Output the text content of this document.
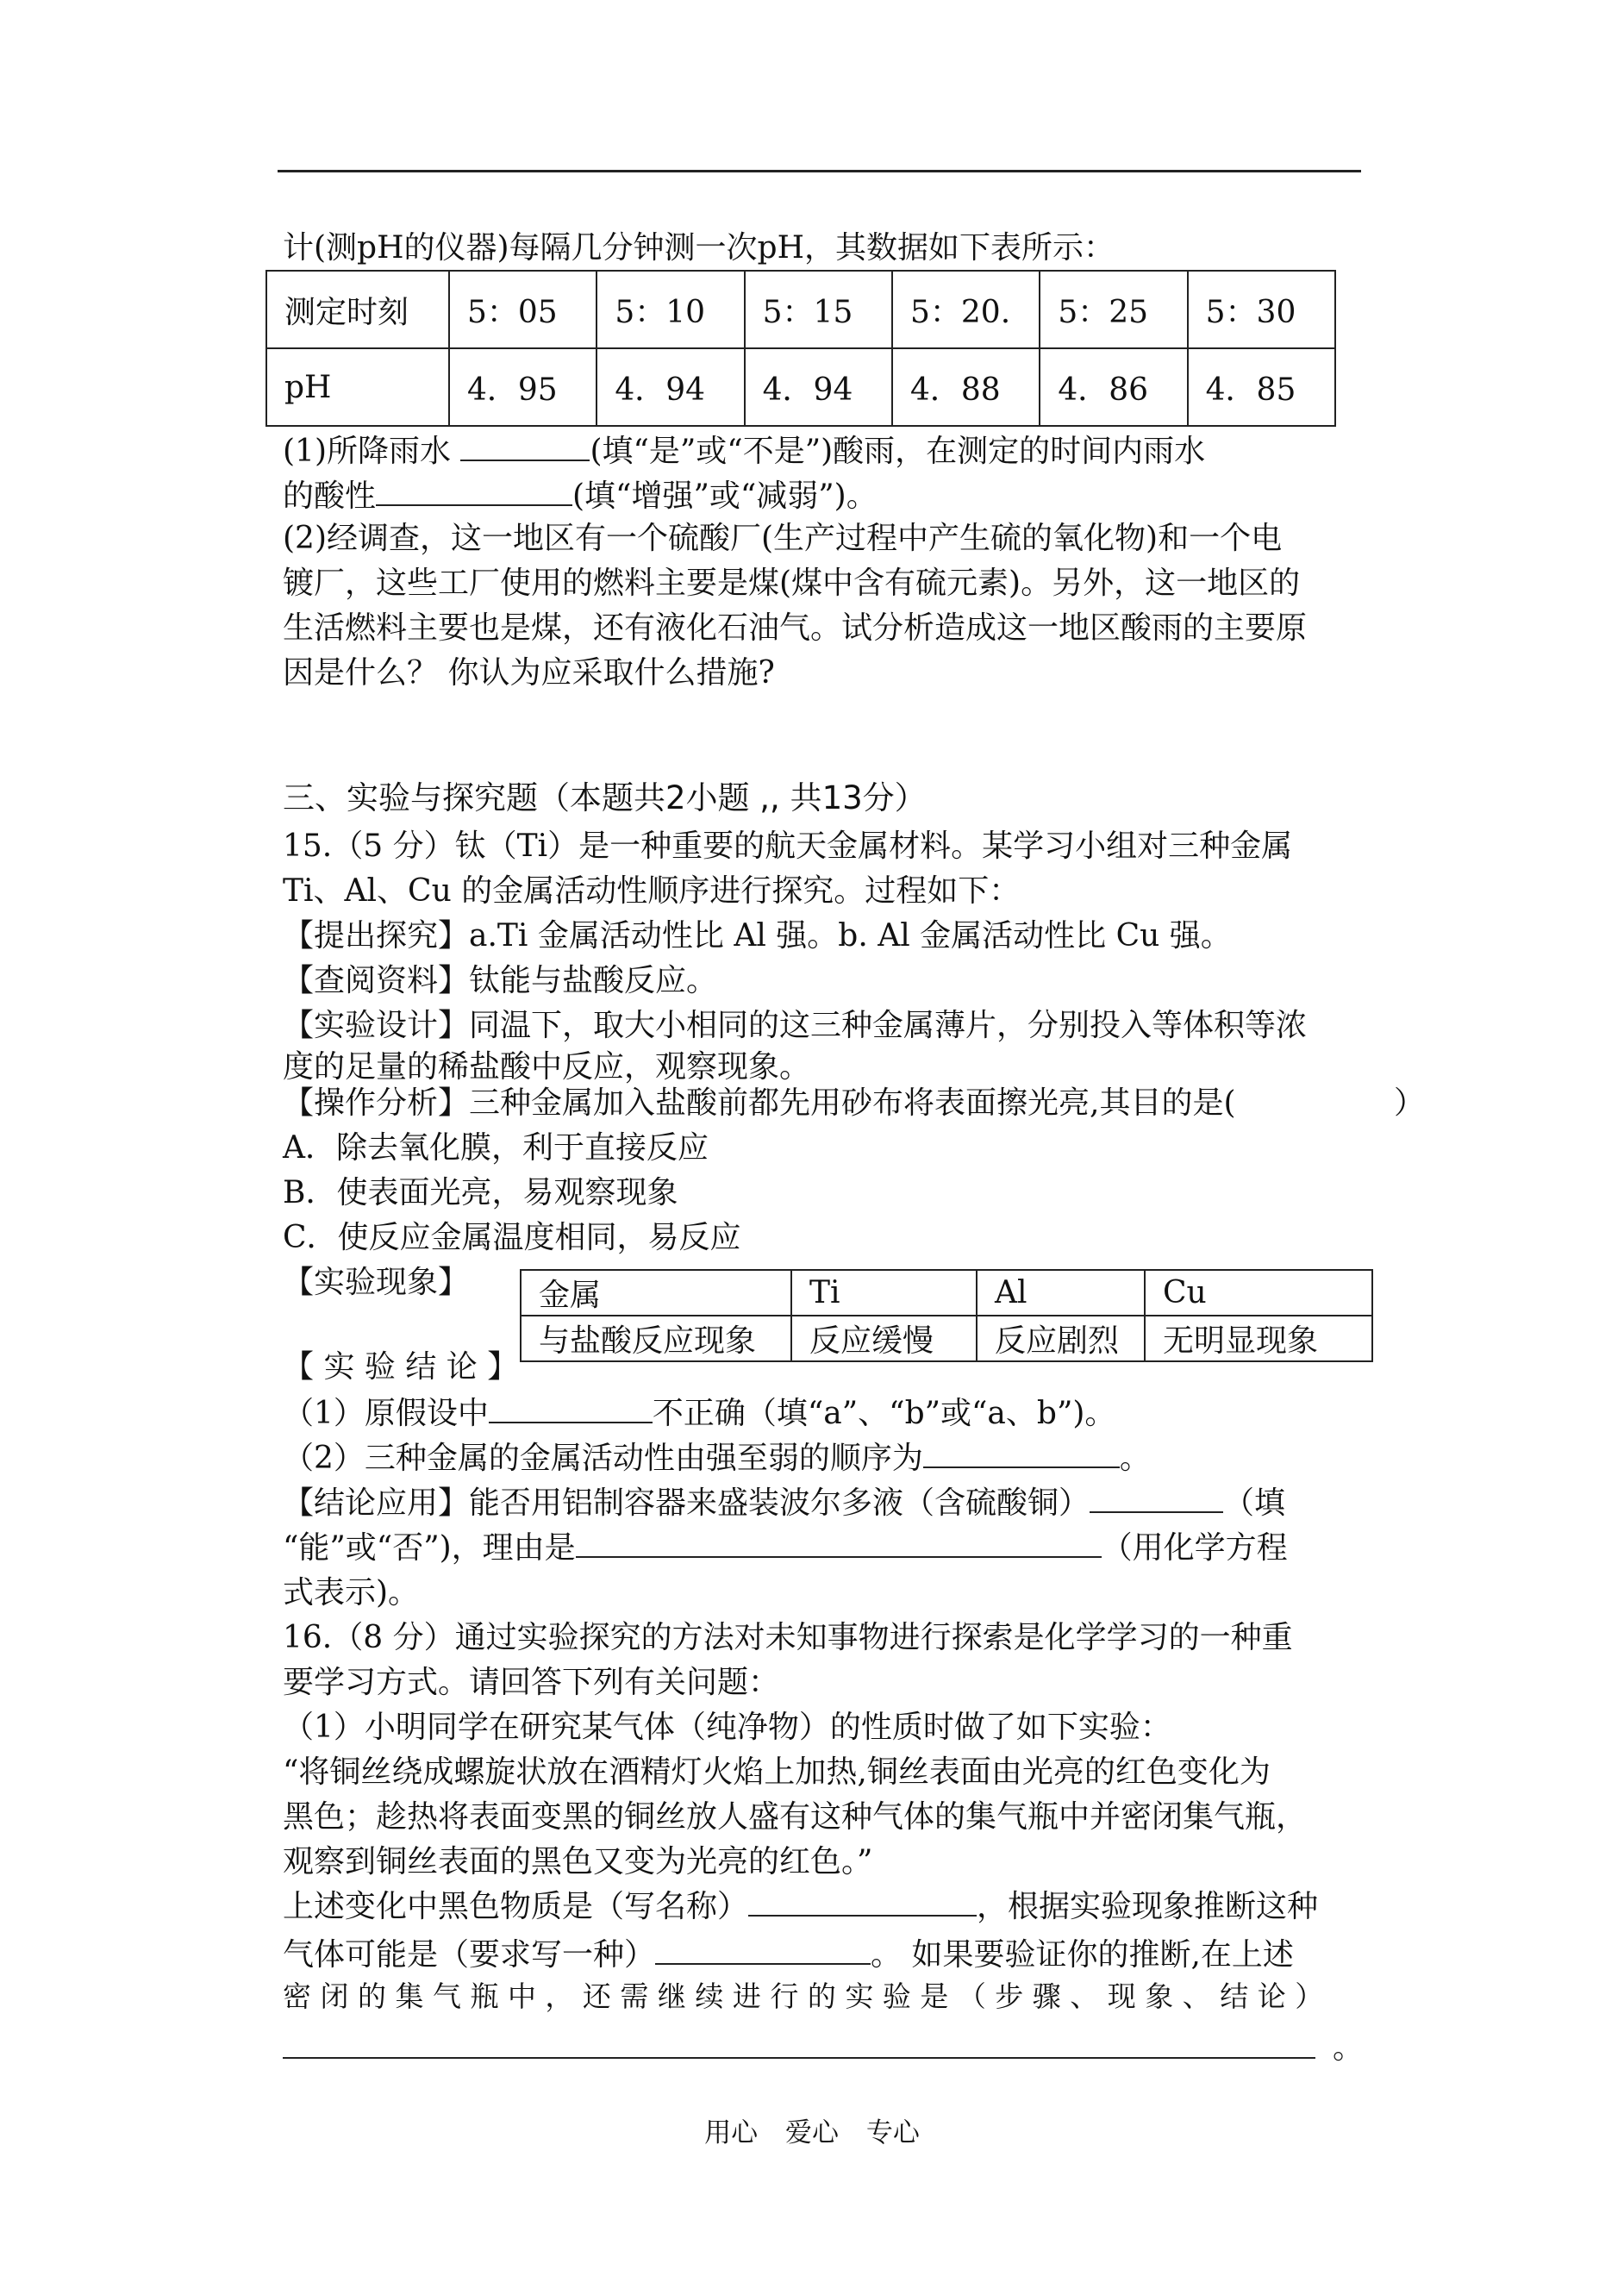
计(测pH的仪器)每隔几分钟测一次pH，其数据如下表所示：
测定时刻	5：05	5：10	5：15	5：20.	5：25	5：30
pH	4．95	4．94	4．94	4．88	4．86	4．85
(1)所降雨水	(填“是”或“不是”)酸雨，在测定的时间内雨水
的酸性	(填“增强”或“减弱”)。
(2)经调查，这一地区有一个硫酸厂(生产过程中产生硫的氧化物)和一个电
镀厂，这些工厂使用的燃料主要是煤(煤中含有硫元素)。另外，这一地区的
生活燃料主要也是煤，还有液化石油气。试分析造成这一地区酸雨的主要原
因是什么？ 你认为应采取什么措施?
三、实验与探究题（本题共2小题 ,, 共13分）
15.（5 分）钛（Ti）是一种重要的航天金属材料。某学习小组对三种金属
Ti、Al、Cu 的金属活动性顺序进行探究。过程如下：
【提出探究】a.Ti 金属活动性比 Al 强。b. Al 金属活动性比 Cu 强。
【查阅资料】钛能与盐酸反应。
【实验设计】同温下，取大小相同的这三种金属薄片，分别投入等体积等浓
度的足量的稀盐酸中反应，观察现象。
【操作分析】三种金属加入盐酸前都先用砂布将表面擦光亮,其目的是(	）
A．除去氧化膜，利于直接反应
B．使表面光亮，易观察现象
C．使反应金属温度相同，易反应
【实验现象】 金属	Ti	Al	Cu
与盐酸反应现象	反应缓慢	反应剧烈	无明显现象
【 实 验 结 论 】
（1）原假设中	不正确（填“a”、“b”或“a、b”)。
（2）三种金属的金属活动性由强至弱的顺序为	。
【结论应用】能否用铝制容器来盛装波尔多液（含硫酸铜）	（填
“能”或“否”)，理由是	（用化学方程
式表示)。
16.（8 分）通过实验探究的方法对未知事物进行探索是化学学习的一种重
要学习方式。请回答下列有关问题：
（1）小明同学在研究某气体（纯净物）的性质时做了如下实验：
“将铜丝绕成螺旋状放在酒精灯火焰上加热,铜丝表面由光亮的红色变化为
黑色；趁热将表面变黑的铜丝放人盛有这种气体的集气瓶中并密闭集气瓶，
观察到铜丝表面的黑色又变为光亮的红色。”
上述变化中黑色物质是（写名称）	，根据实验现象推断这种
气体可能是（要求写一种）	。 如果要验证你的推断,在上述
密 闭 的 集 气 瓶 中 ， 还 需 继 续 进 行 的 实 验 是 （ 步 骤 、 现 象 、 结 论 ）
。
用心 爱心 专心
